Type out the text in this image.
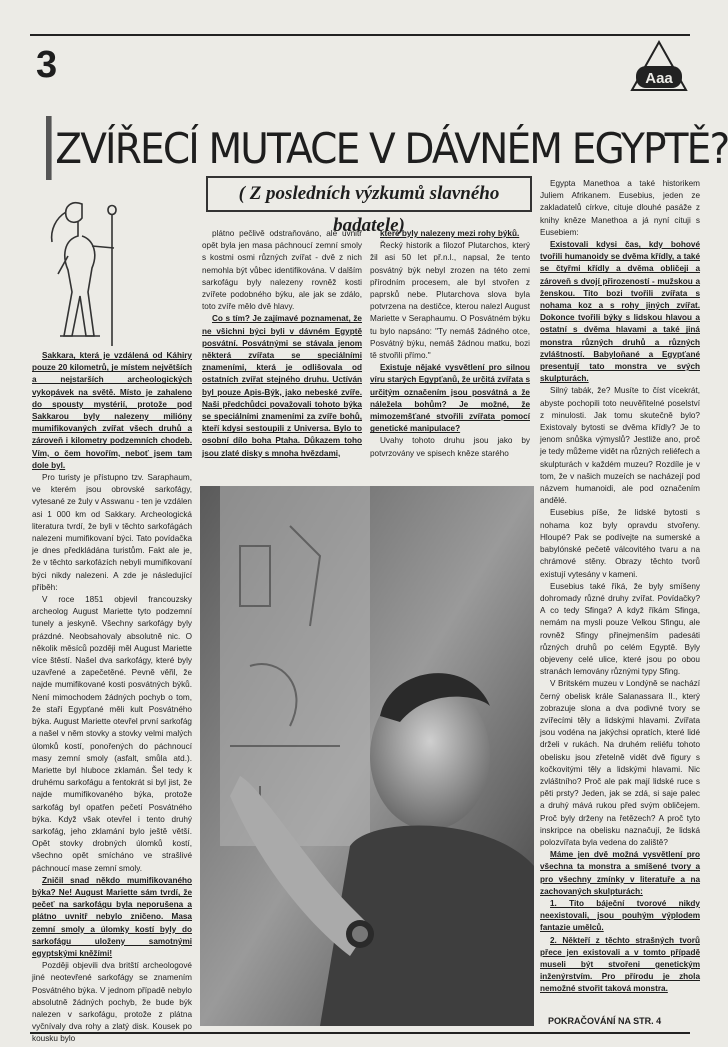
3	Aaa
ZVÍŘECÍ MUTACE V DÁVNÉM EGYPTĚ?
( Z posledních výzkumů slavného badatele)

Sakkara, která je vzdálená od Káhiry pouze 20 kilometrů, je místem největších a nejstarších archeologických vykopávek na světě. Místo je zahaleno do spousty mystérií, protože pod Sakkarou byly nalezeny milióny mumifikovaných zvířat všech druhů a zároveň i kilometry podzemních chodeb. Vím, o čem hovořím, neboť jsem tam dole byl.

Pro turisty je přístupno tzv. Saraphaum, ve kterém jsou obrovské sarkofágy, vytesané ze žuly v Asswanu - ten je vzdálen asi 1 000 km od Sakkary. Archeologická literatura tvrdí, že byli v těchto sarkofágách nalezeni mumifikovaní býci. Tato povídačka je dnes předkládána turistům. Fakt ale je, že v těchto sarkofázích nebyli mumifikovaní býci nikdy nalezeni. A zde je následující příběh:

V roce 1851 objevil francouzsky archeolog August Mariette tyto podzemní tunely a jeskyně. Všechny sarkofágy byly prázdné. Neobsahovaly absolutně nic. O několik měsíců později měl August Mariette více štěstí. Našel dva sarkofágy, které byly uzavřené a zapečetěné. Pevně věřil, že najde mumifikované kosti posvátných býků. Není mimochodem žádných pochyb o tom, že staří Egypťané měli kult Posvátného býka. August Mariette otevřel první sarkofág a našel v něm stovky a stovky velmi malých úlomků kostí, ponořených do páchnoucí masy zemní smoly (asfalt, smůla atd.). Mariette byl hluboce zklamán. Šel tedy k druhému sarkofágu a fentokrát si byl jist, že najde mumifikovaného býka, protože sarkofág byl opatřen pečetí Posvátného býka. Když však otevřel i tento druhý sarkofág, jeho zklamání bylo ještě větší. Opět stovky drobných úlomků kostí, všechno opět smícháno ve strašlivé páchnoucí mase zemní smoly.

Zničil snad někdo mumifikovaného býka? Ne! August Mariette sám tvrdí, že pečeť na sarkofágu byla neporušena a plátno uvnitř nebylo zničeno. Masa zemní smoly a úlomky kostí byly do sarkofágu uloženy samotnými egyptskými kněžími!

Později objevili dva britští archeologové jiné neotevřené sarkofágy se znamením Posvátného býka. V jednom případě nebylo absolutně žádných pochyb, že bude býk nalezen v sarkofágu, protože z plátna vyčnívaly dva rohy a zlatý disk. Kousek po kousku bylo

plátno pečlivě odstraňováno, ale uvnitř opět byla jen masa páchnoucí zemní smoly s kostmi osmi různých zvířat - dvě z nich nemohla být vůbec identifikována. V dalším sarkofágu byly nalezeny rovněž kosti zvířete podobného býku, ale jak se zdálo, toto zvíře mělo dvě hlavy.

Co s tím? Je zajímavé poznamenat, že ne všichni býci byli v dávném Egyptě posvátní. Posvátnými se stávala jenom některá zvířata se speciálními znameními, která je odlišovala od ostatních zvířat stejného druhu. Uctíván byl pouze Apis-Býk, jako nebeské zvíře. Naši předchůdci považovali tohoto býka se speciálními znameními za zvíře bohů, kteří kdysi sestoupili z Universa. Bylo to osobní dílo boha Ptaha. Důkazem toho jsou zlaté disky s mnoha hvězdami,

které byly nalezeny mezi rohy býků.

Řecký historik a filozof Plutarchos, který žil asi 50 let př.n.l., napsal, že tento posvátný býk nebyl zrozen na této zemi přírodním procesem, ale byl stvořen z paprsků nebe. Plutarchova slova byla potvrzena na destičce, kterou nalezl August Mariette v Seraphaumu. O Posvátném býku tu bylo napsáno: "Ty nemáš žádného otce, Posvátný býku, nemáš žádnou matku, bozi tě stvořili přímo."

Existuje nějaké vysvětlení pro silnou víru starých Egypťanů, že určitá zvířata s určitým označením jsou posvátná a že náležela bohům? Je možné, že mimozemšťané stvořili zvířata pomocí genetické manipulace?

Uvahy tohoto druhu jsou jako by potvrzovány ve spisech kněze starého

Egypta Manethoa a také historikem Juliem Afrikanem. Eusebius, jeden ze zakladatelů církve, cituje dlouhé pasáže z knihy kněze Manethoa a já nyní cituji s Eusebiem:

Existovali kdysi čas, kdy bohové tvořili humanoidy se dvěma křídly, a také se čtyřmi křídly a dvěma obličeji a zároveň s dvojí přirozeností - mužskou a ženskou. Tito bozi tvořili zvířata s nohama koz a s rohy jiných zvířat. Dokonce tvořili býky s lidskou hlavou a ostatní s dvěma hlavami a také jiná monstra různých druhů a různých zvláštností. Babyloňané a Egypťané presentují tato monstra ve svých skulpturách.

Silný tabák, že? Musíte to číst vícekrát, abyste pochopili toto neuvěřitelné poselství z minulosti. Jak tomu skutečně bylo? Existovaly bytosti se dvěma křídly? Je to jenom snůška výmyslů? Jestliže ano, proč je tedy můžeme vidět na různých reliéfech a skulpturách v každém muzeu? Rozdíle je v tom, že v našich muzeích se nacházejí pod názvem humanoidi, ale pod označením andělé.

Eusebius píše, že lidské bytosti s nohama koz byly opravdu stvořeny. Hloupé? Pak se podívejte na sumerské a babylónské pečetě válcovitého tvaru a na chrámové stěny. Obrazy těchto tvorů existují vytesány v kameni.

Eusebius také říká, že byly smíšeny dohromady různé druhy zvířat. Povídačky? A co tedy Sfinga? A když říkám Sfinga, nemám na mysli pouze Velkou Sfingu, ale rovněž Sfingy přinejmenším padesáti různých druhů po celém Egyptě. Byly objeveny celé ulice, které jsou po obou stranách lemovány různými typy Sfing.

V Britském muzeu v Londýně se nachází černý obelisk krále Salanassara II., který zobrazuje slona a dva podivné tvory se zvířecími těly a lidskými hlavami. Zvířata jsou vodéna na jakýchsi opratích, které lidé drželi v rukách. Na druhém reliéfu tohoto obelisku jsou zřetelně vidět dvě figury s kočkovitými těly a lidskými hlavami. Nic zvláštního? Proč ale pak mají lidské ruce s pěti prsty? Jeden, jak se zdá, si saje palec a druhý mává rukou před svým obličejem. Proč byly drženy na řetězech? A proč tyto inskripce na obelisku naznačují, že lidská polozvířata byla vedena do zaliště?

Máme jen dvě možná vysvětlení pro všechna ta monstra a smíšené tvory a pro všechny zmínky v literatuře a na zachovaných skulpturách:

1. Tito báječní tvorové nikdy neexistovali, jsou pouhým výplodem fantazie umělců.

2. Někteří z těchto strašných tvorů přece jen existovali a v tomto případě museli být stvořeni genetickým inženýrstvím. Pro přírodu je zhola nemožné stvořit taková monstra.

POKRAČOVÁNÍ NA STR. 4
